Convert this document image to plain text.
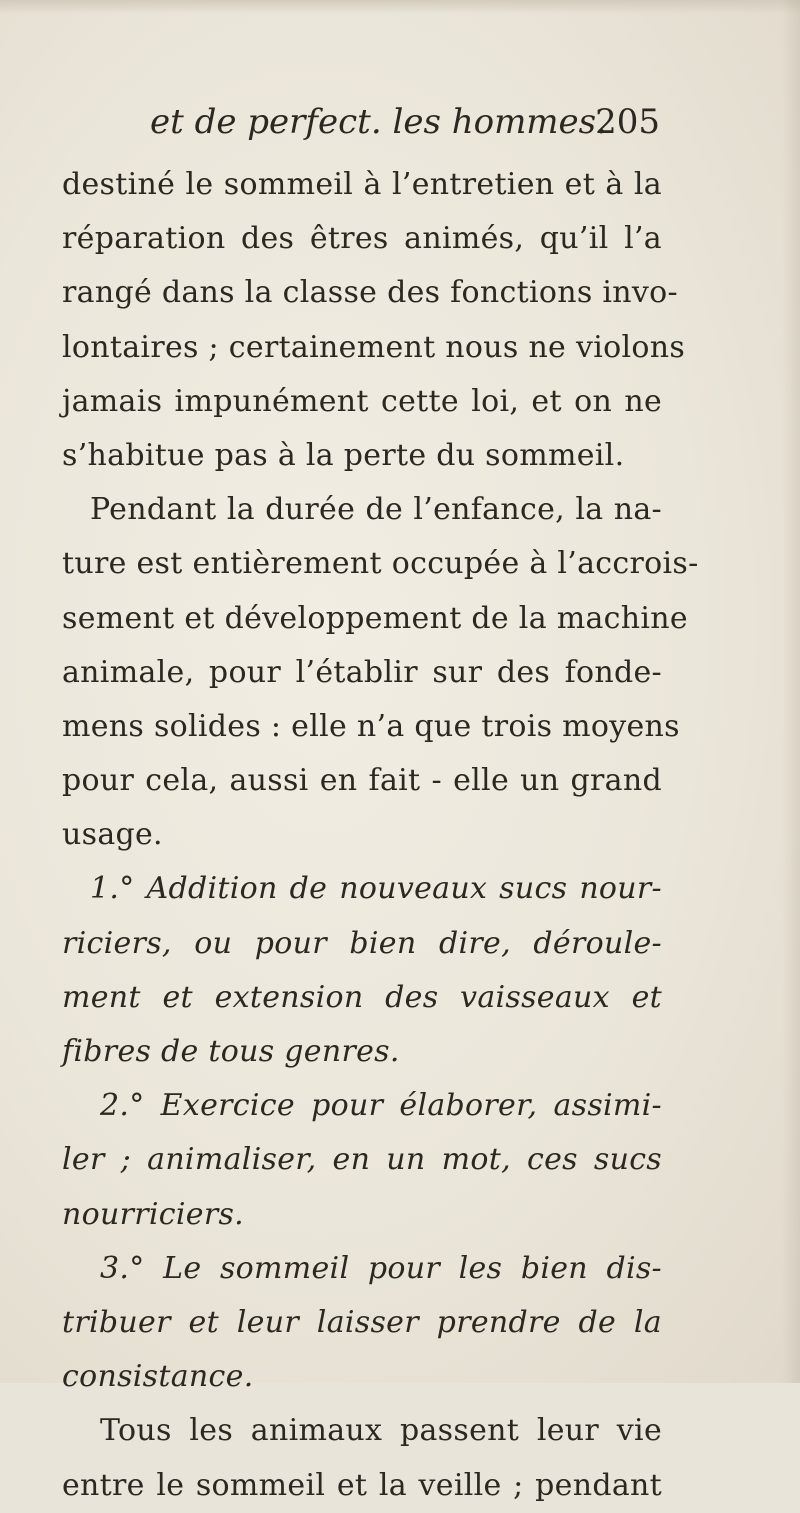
et de perfect. les hommes.
205
destiné le sommeil à l’entretien et à la
réparation des êtres animés, qu’il l’a
rangé dans la classe des fonctions invo-
lontaires ; certainement nous ne violons
jamais impunément cette loi, et on ne
s’habitue pas à la perte du sommeil.
Pendant la durée de l’enfance, la na-
ture est entièrement occupée à l’accrois-
sement et développement de la machine
animale, pour l’établir sur des fonde-
mens solides : elle n’a que trois moyens
pour cela, aussi en fait - elle un grand
usage.
1.° Addition de nouveaux sucs nour-
riciers, ou pour bien dire, déroule-
ment et extension des vaisseaux et
fibres de tous genres.
2.° Exercice pour élaborer, assimi-
ler ; animaliser, en un mot, ces sucs
nourriciers.
3.° Le sommeil pour les bien dis-
tribuer et leur laisser prendre de la
consistance.
Tous les animaux passent leur vie
entre le sommeil et la veille ; pendant
